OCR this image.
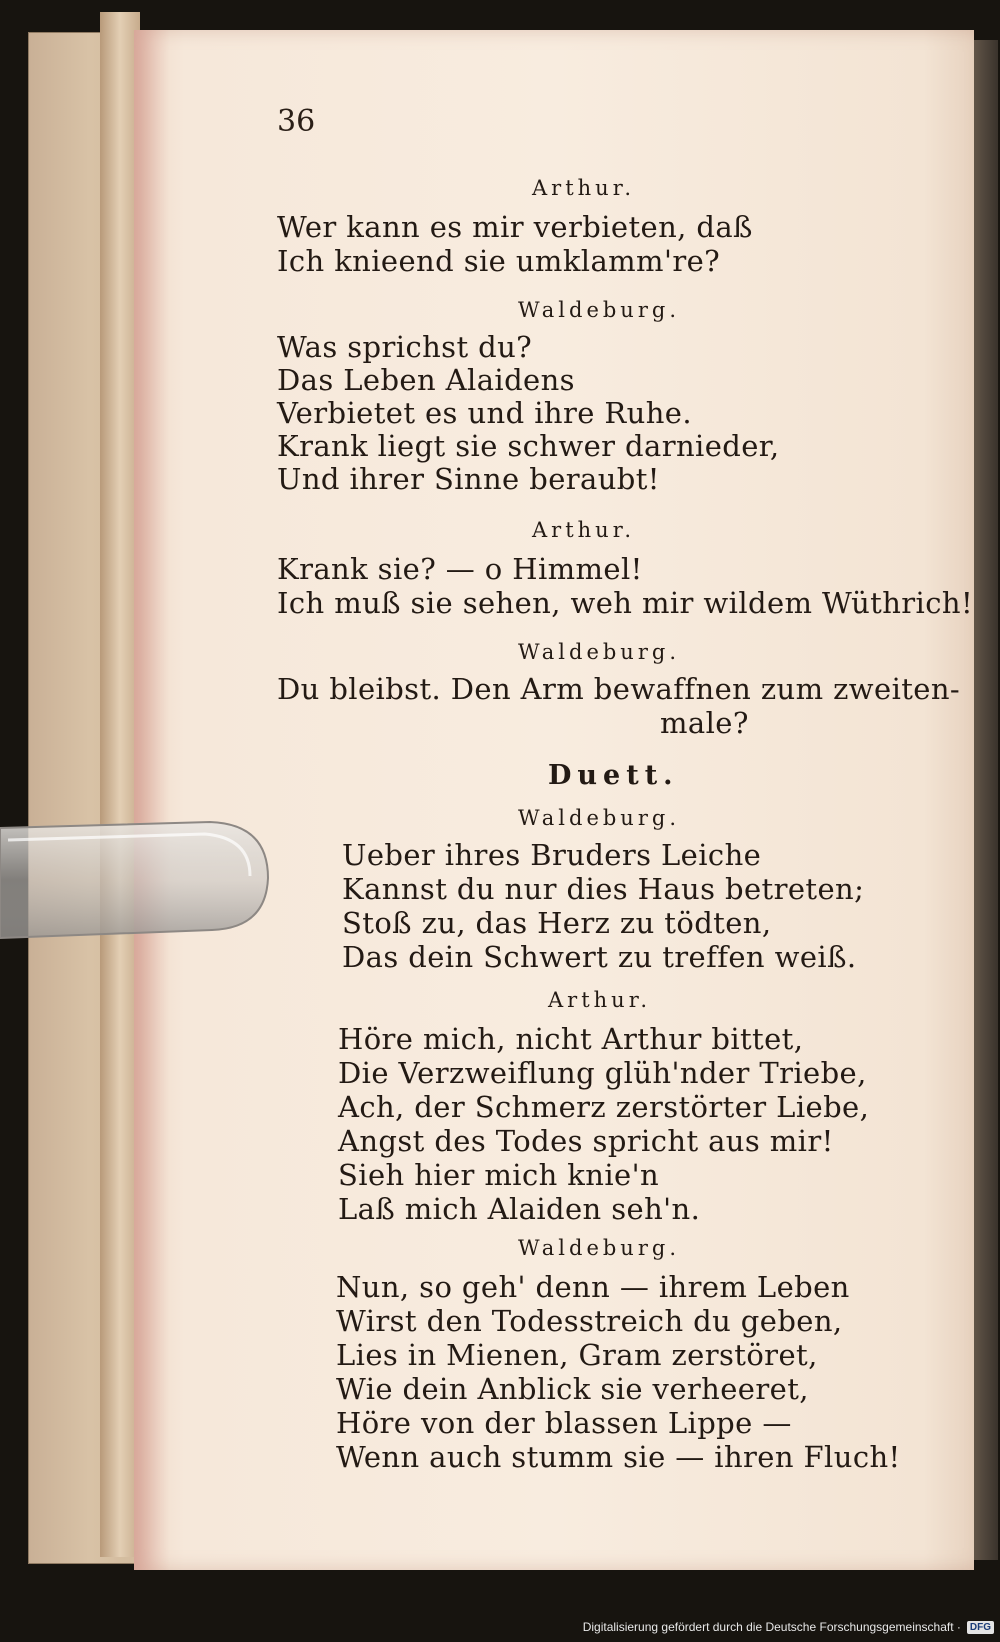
36
Arthur.
Wer kann es mir verbieten, daß
Ich knieend sie umklamm're?
Waldeburg.
Was sprichst du?
Das Leben Alaidens
Verbietet es und ihre Ruhe.
Krank liegt sie schwer darnieder,
Und ihrer Sinne beraubt!
Arthur.
Krank sie? — o Himmel!
Ich muß sie sehen, weh mir wildem Wüthrich!
Waldeburg.
Du bleibst. Den Arm bewaffnen zum zweiten-
male?
Duett.
Waldeburg.
Ueber ihres Bruders Leiche
Kannst du nur dies Haus betreten;
Stoß zu, das Herz zu tödten,
Das dein Schwert zu treffen weiß.
Arthur.
Höre mich, nicht Arthur bittet,
Die Verzweiflung glüh'nder Triebe,
Ach, der Schmerz zerstörter Liebe,
Angst des Todes spricht aus mir!
Sieh hier mich knie'n
Laß mich Alaiden seh'n.
Waldeburg.
Nun, so geh' denn — ihrem Leben
Wirst den Todesstreich du geben,
Lies in Mienen, Gram zerstöret,
Wie dein Anblick sie verheeret,
Höre von der blassen Lippe —
Wenn auch stumm sie — ihren Fluch!
Digitalisierung gefördert durch die Deutsche Forschungsgemeinschaft · DFG
